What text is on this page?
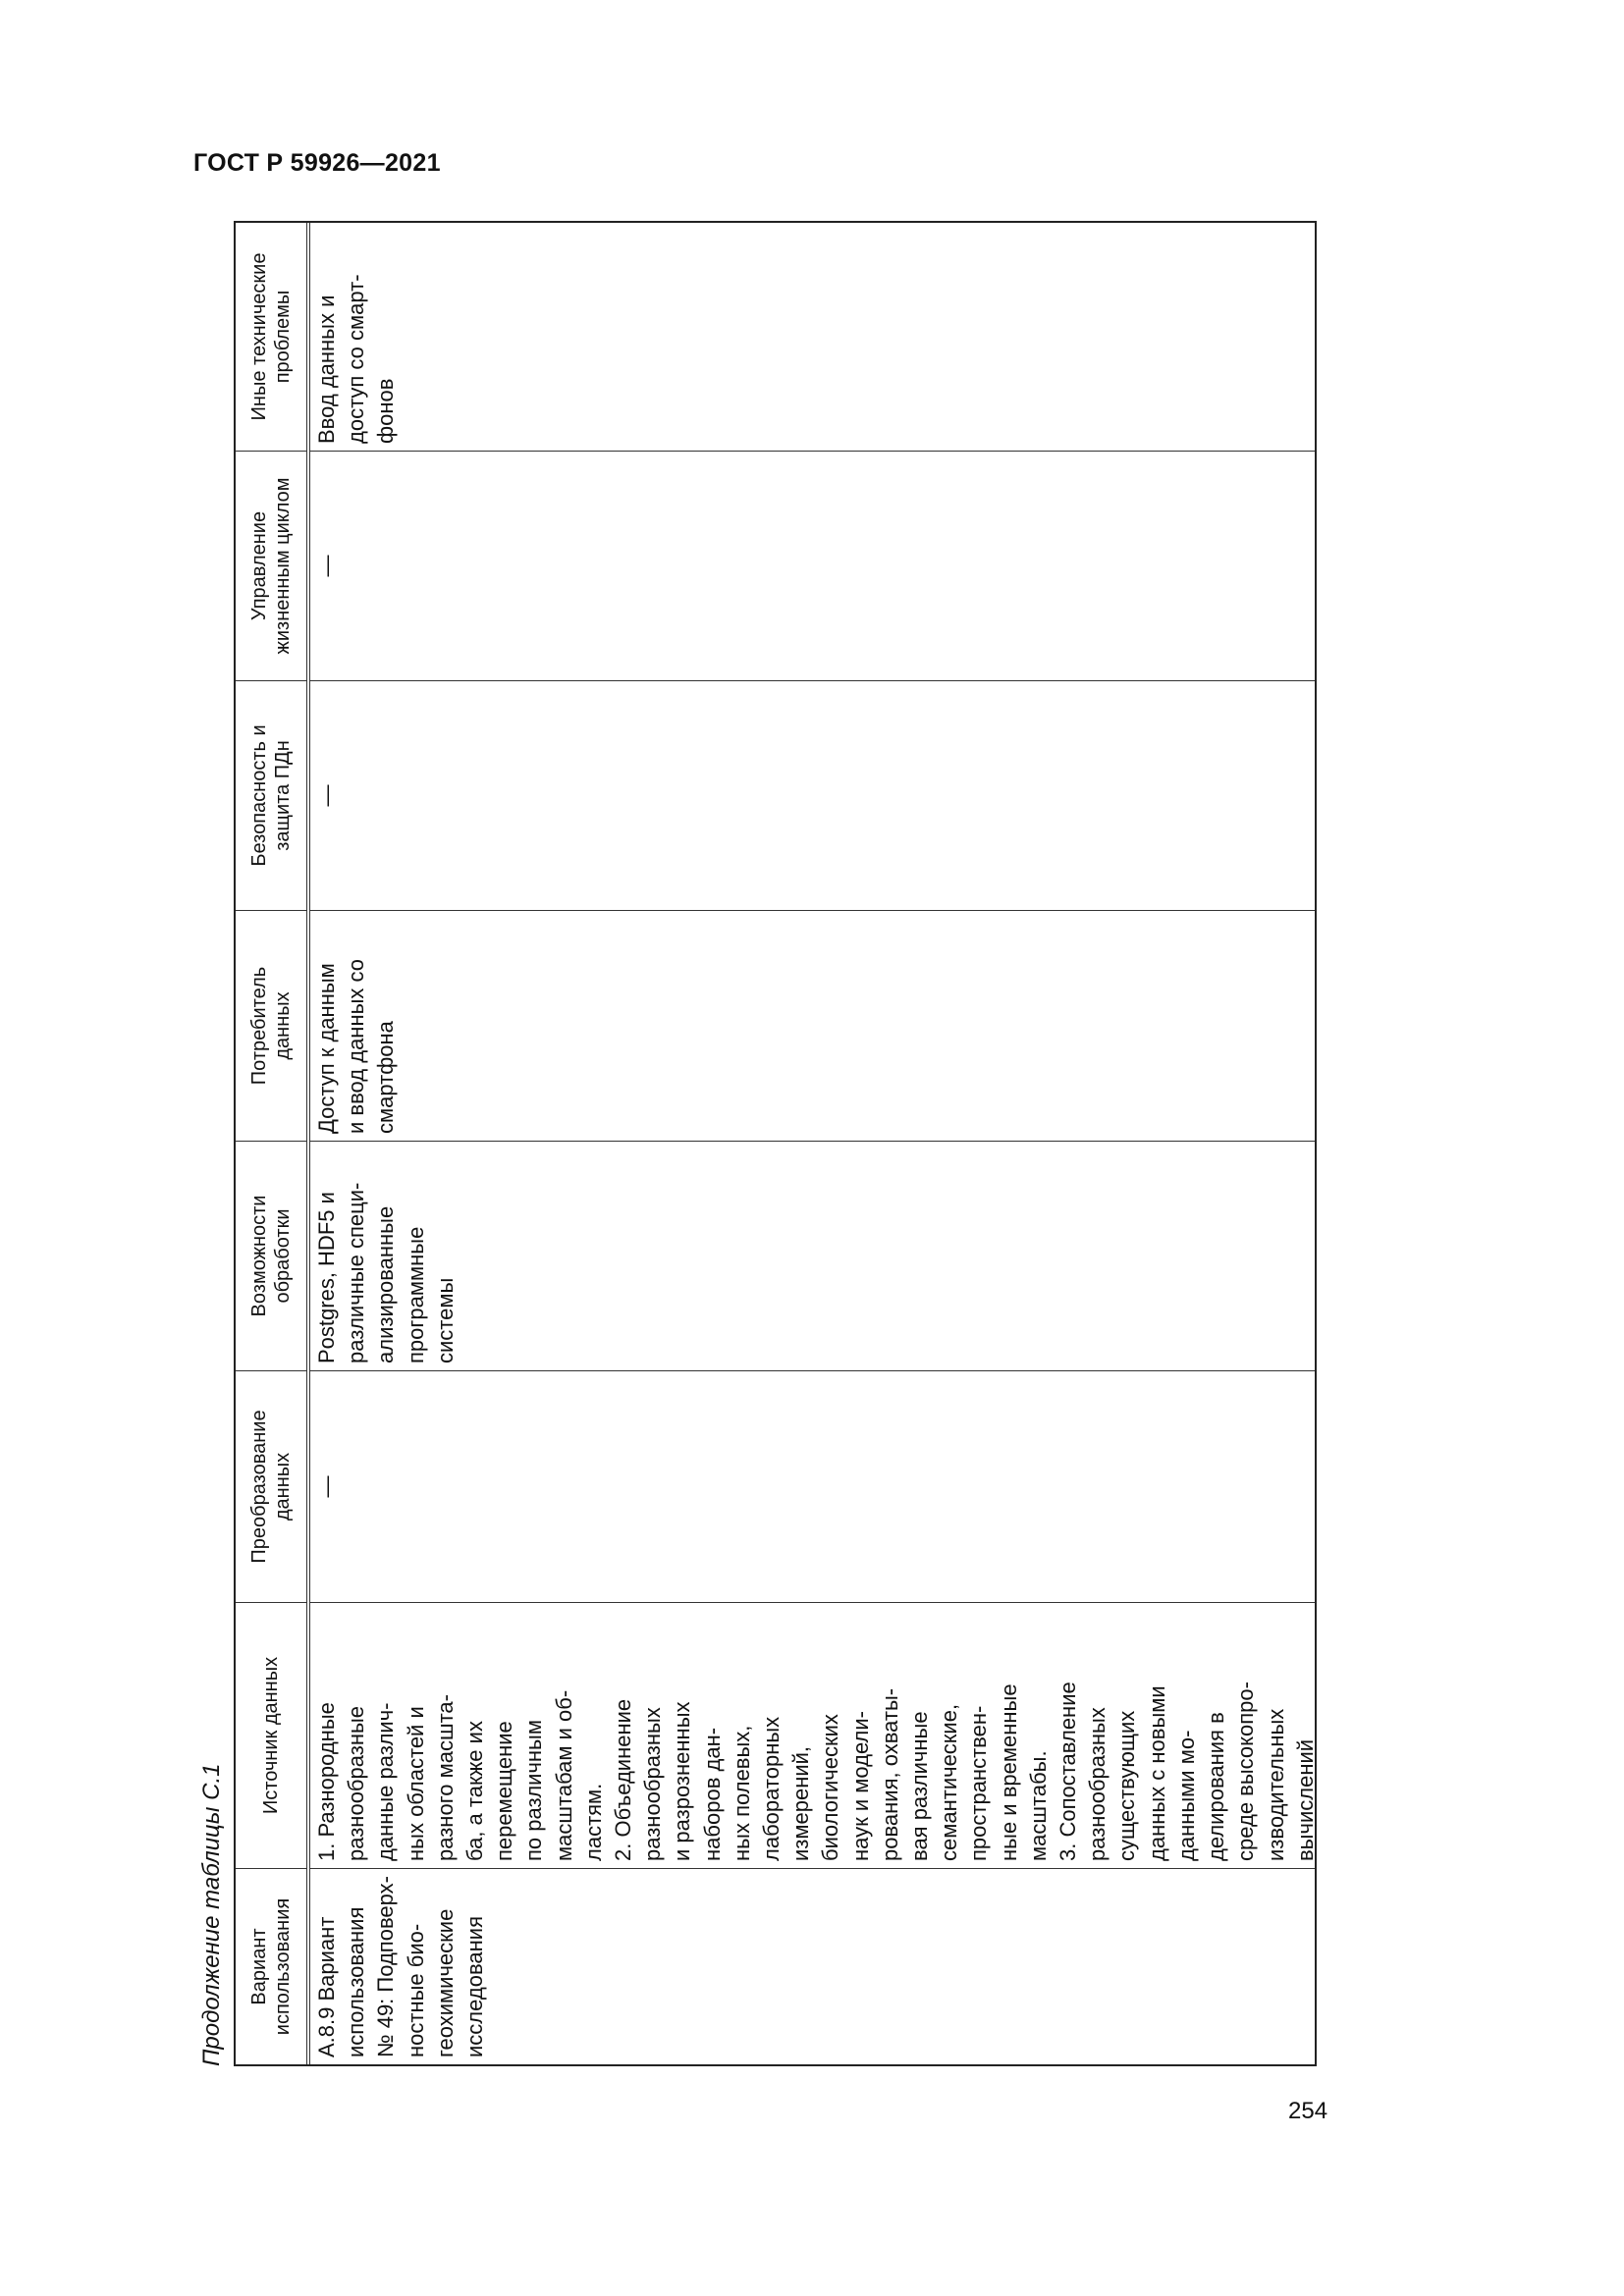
ГОСТ Р 59926—2021
Продолжение таблицы С.1	Вариант
использования
Источник данных
Преобразование
данных
Возможности
обработки
Потребитель
данных
Безопасность и
защита ПДн
Управление
жизненным циклом
Иные технические
проблемы
А.8.9 Вариант
использования
№ 49: Подповерх-
ностные био-
геохимические
исследования
1. Разнородные
разнообразные
данные различ-
ных областей и
разного масшта-
ба, а также их
перемещение
по различным
масштабам и об-
ластям.
2. Объединение
разнообразных
и разрозненных
наборов дан-
ных полевых,
лабораторных
измерений,
биологических
наук и модели-
рования, охваты-
вая различные
семантические,
пространствен-
ные и временные
масштабы.
3. Сопоставление
разнообразных
существующих
данных с новыми
данными мо-
делирования в
среде высокопро-
изводительных
вычислений
—
Postgres, HDF5 и
различные специ-
ализированные
программные
системы
Доступ к данным
и ввод данных со
смартфона
—
—
Ввод данных и
доступ со смарт-
фонов
254
